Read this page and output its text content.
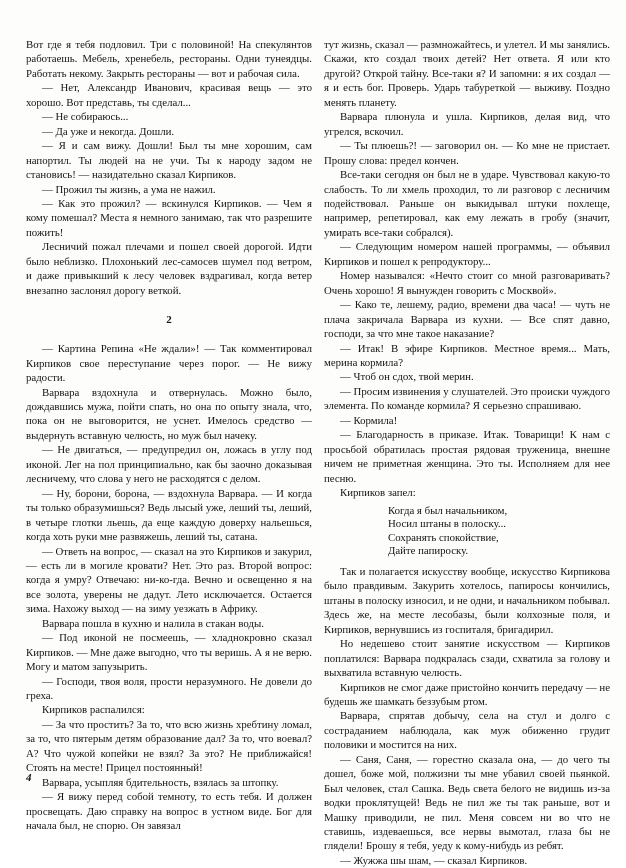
Вот где я тебя подловил. Три с половиной! На спекулянтов работаешь. Мебель, хренебель, рестораны. Одни тунеядцы. Работать некому. Закрыть рестораны — вот и рабочая сила.

— Нет, Александр Иванович, красивая вещь — это хорошо. Вот представь, ты сделал...

— Не собираюсь...

— Да уже и некогда. Дошли.

— Я и сам вижу. Дошли! Был ты мне хорошим, сам напортил. Ты людей на не учи. Ты к народу задом не становись! — назидательно сказал Кирпиков.

— Прожил ты жизнь, а ума не нажил.

— Как это прожил? — вскинулся Кирпиков. — Чем я кому помешал? Места я немного занимаю, так что разрешите пожить!

Лесничий пожал плечами и пошел своей дорогой. Идти было неблизко. Плохонький лес-самосев шумел под ветром, и даже привыкший к лесу человек вздрагивал, когда ветер внезапно заслонял дорогу веткой.

2

— Картина Репина «Не ждали»! — Так комментировал Кирпиков свое переступание через порог. — Не вижу радости.

Варвара вздохнула и отвернулась. Можно было, дождавшись мужа, пойти спать, но она по опыту знала, что, пока он не выговорится, не уснет. Имелось средство — выдернуть вставную челюсть, но муж был начеку.

— Не двигаться, — предупредил он, ложась в углу под иконой. Лег на пол принципиально, как бы заочно доказывая лесничему, что слова у него не расходятся с делом.

— Ну, борони, борона, — вздохнула Варвара. — И когда ты только образумишься? Ведь лысый уже, леший ты, леший, в четыре глотки льешь, да еще каждую доверху нальешься, когда хоть руки мне развяжешь, леший ты, сатана.

— Ответь на вопрос, — сказал на это Кирпиков и закурил, — есть ли в могиле кровати? Нет. Это раз. Второй вопрос: когда я умру? Отвечаю: ни-ко-гда. Вечно и освещенно я на все золота, уверены не дадут. Лето исключается. Остается зима. Нахожу выход — на зиму уезжать в Африку.

Варвара пошла в кухню и налила в стакан воды.

— Под иконой не посмеешь, — хладнокровно сказал Кирпиков. — Мне даже выгодно, что ты веришь. А я не верю. Могу и матом запузырить.

— Господи, твоя воля, прости неразумного. Не довели до греха.

Кирпиков распалился:

— За что простить? За то, что всю жизнь хребтину ломал, за то, что пятерым детям образование дал? За то, что воевал? А? Что чужой копейки не взял? За это? Не приближайся! Стоять на месте! Прицел постоянный!

Варвара, усыпляя бдительность, взялась за штопку.

— Я вижу перед собой темноту, то есть тебя. И должен просвещать. Даю справку на вопрос в устном виде. Бог для начала был, не спорю. Он завязал

тут жизнь, сказал — размножайтесь, и улетел. И мы занялись. Скажи, кто создал твоих детей? Нет ответа. Я или кто другой? Открой тайну. Все-таки я? И запомни: я их создал — я и есть бог. Проверь. Ударь табуреткой — выживу. Поздно менять планету.

Варвара плюнула и ушла. Кирпиков, делая вид, что угрелся, вскочил.

— Ты плюешь?! — заговорил он. — Ко мне не пристает. Прошу слова: предел кончен.

Все-таки сегодня он был не в ударе. Чувствовал какую-то слабость. То ли хмель проходил, то ли разговор с лесничим подействовал. Раньше он выкидывал штуки похлеще, например, репетировал, как ему лежать в гробу (значит, умирать все-таки собрался).

— Следующим номером нашей программы, — объявил Кирпиков и пошел к репродуктору...

Номер назывался: «Нечто стоит со мной разговаривать? Очень хорошо! Я вынужден говорить с Москвой».

— Како те, лешему, радио, времени два часа! — чуть не плача закричала Варвара из кухни. — Все спят давно, господи, за что мне такое наказание?

— Итак! В эфире Кирпиков. Местное время... Мать, мерина кормила?

— Чтоб он сдох, твой мерин.

— Просим извинения у слушателей. Это происки чуждого элемента. По команде кормила? Я серьезно спрашиваю.

— Кормила!

— Благодарность в приказе. Итак. Товарищи! К нам с просьбой обратилась простая рядовая труженица, внешне ничем не приметная женщина. Это ты. Исполняем для нее песню.

Кирпиков запел:

Когда я был начальником,
Носил штаны в полоску...
Сохранять спокойствие,
Дайте папироску.

Так и полагается искусству вообще, искусство Кирпикова было правдивым. Закурить хотелось, папиросы кончились, штаны в полоску износил, и не одни, и начальником побывал. Здесь же, на месте лесобазы, были колхозные поля, и Кирпиков, вернувшись из госпиталя, бригадирил.

Но недешево стоит занятие искусством — Кирпиков поплатился: Варвара подкралась сзади, схватила за голову и выхватила вставную челюсть.

Кирпиков не смог даже пристойно кончить передачу — не будешь же шамкать беззубым ртом.

Варвара, спрятав добычу, села на стул и долго с состраданием наблюдала, как муж обиженно грудит половики и мостится на них.

— Саня, Саня, — горестно сказала она, — до чего ты дошел, боже мой, полжизни ты мне убавил своей пьянкой. Был человек, стал Сашка. Ведь света белого не видишь из-за водки проклятущей! Ведь не пил же ты так раньше, вот и Машку приводили, не пил. Меня совсем ни во что не ставишь, издеваешься, все нервы вымотал, глаза бы не глядели! Брошу я тебя, уеду к кому-нибудь из ребят.

— Жужжа шы шам, — сказал Кирпиков.

4
